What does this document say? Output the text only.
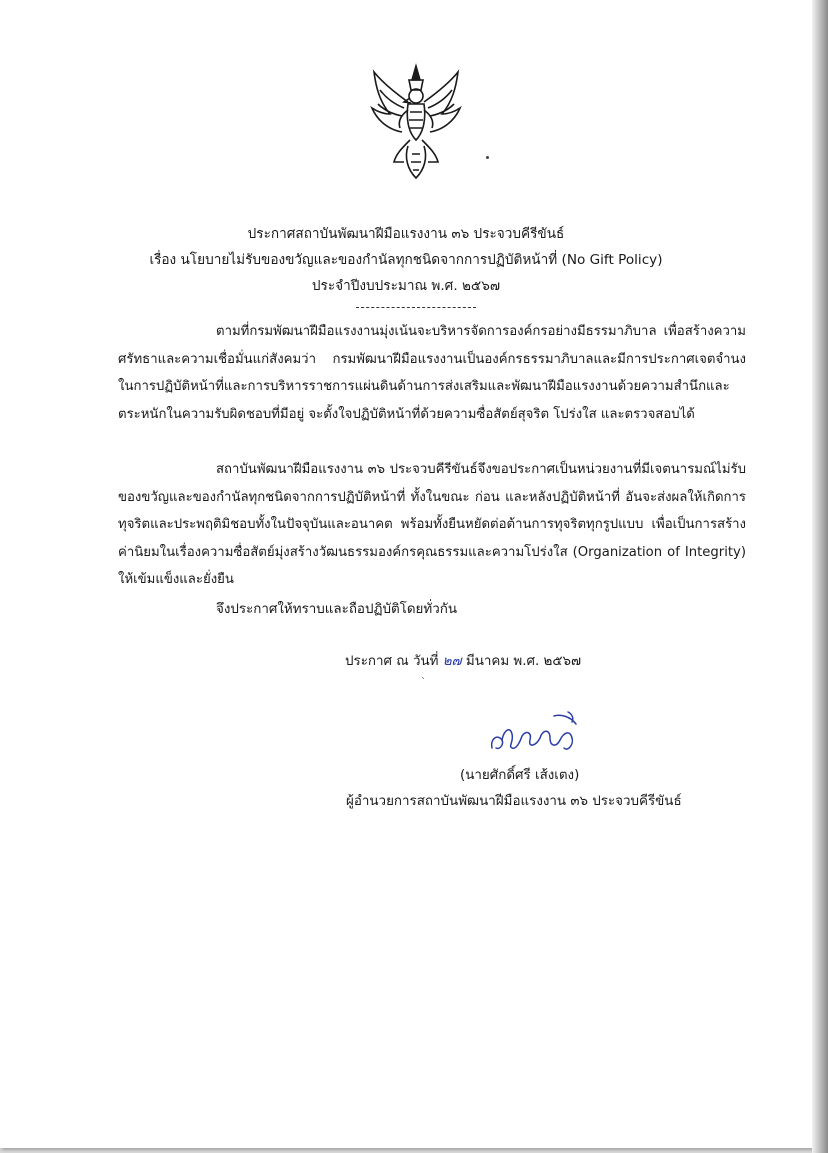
ประกาศสถาบันพัฒนาฝีมือแรงงาน ๓๖ ประจวบคีรีขันธ์
เรื่อง นโยบายไม่รับของขวัญและของกำนัลทุกชนิดจากการปฏิบัติหน้าที่ (No Gift Policy)
ประจำปีงบประมาณ พ.ศ. ๒๕๖๗
ตามที่กรมพัฒนาฝีมือแรงงานมุ่งเน้นจะบริหารจัดการองค์กรอย่างมีธรรมาภิบาล เพื่อสร้างความศรัทธาและความเชื่อมั่นแก่สังคมว่า กรมพัฒนาฝีมือแรงงานเป็นองค์กรธรรมาภิบาลและมีการประกาศเจตจำนงในการปฏิบัติหน้าที่และการบริหารราชการแผ่นดินด้านการส่งเสริมและพัฒนาฝีมือแรงงานด้วยความสำนึกและตระหนักในความรับผิดชอบที่มีอยู่ จะตั้งใจปฏิบัติหน้าที่ด้วยความซื่อสัตย์สุจริต โปร่งใส และตรวจสอบได้
สถาบันพัฒนาฝีมือแรงงาน ๓๖ ประจวบคีรีขันธ์จึงขอประกาศเป็นหน่วยงานที่มีเจตนารมณ์ไม่รับของขวัญและของกำนัลทุกชนิดจากการปฏิบัติหน้าที่ ทั้งในขณะ ก่อน และหลังปฏิบัติหน้าที่ อันจะส่งผลให้เกิดการทุจริตและประพฤติมิชอบทั้งในปัจจุบันและอนาคต พร้อมทั้งยืนหยัดต่อต้านการทุจริตทุกรูปแบบ เพื่อเป็นการสร้างค่านิยมในเรื่องความซื่อสัตย์มุ่งสร้างวัฒนธรรมองค์กรคุณธรรมและความโปร่งใส (Organization of Integrity) ให้เข้มแข็งและยั่งยืน
จึงประกาศให้ทราบและถือปฏิบัติโดยทั่วกัน
ประกาศ ณ วันที่ ๒๗ มีนาคม พ.ศ. ๒๕๖๗
`
(นายศักดิ์ศรี เส้งเตง)
ผู้อำนวยการสถาบันพัฒนาฝีมือแรงงาน ๓๖ ประจวบคีรีขันธ์
